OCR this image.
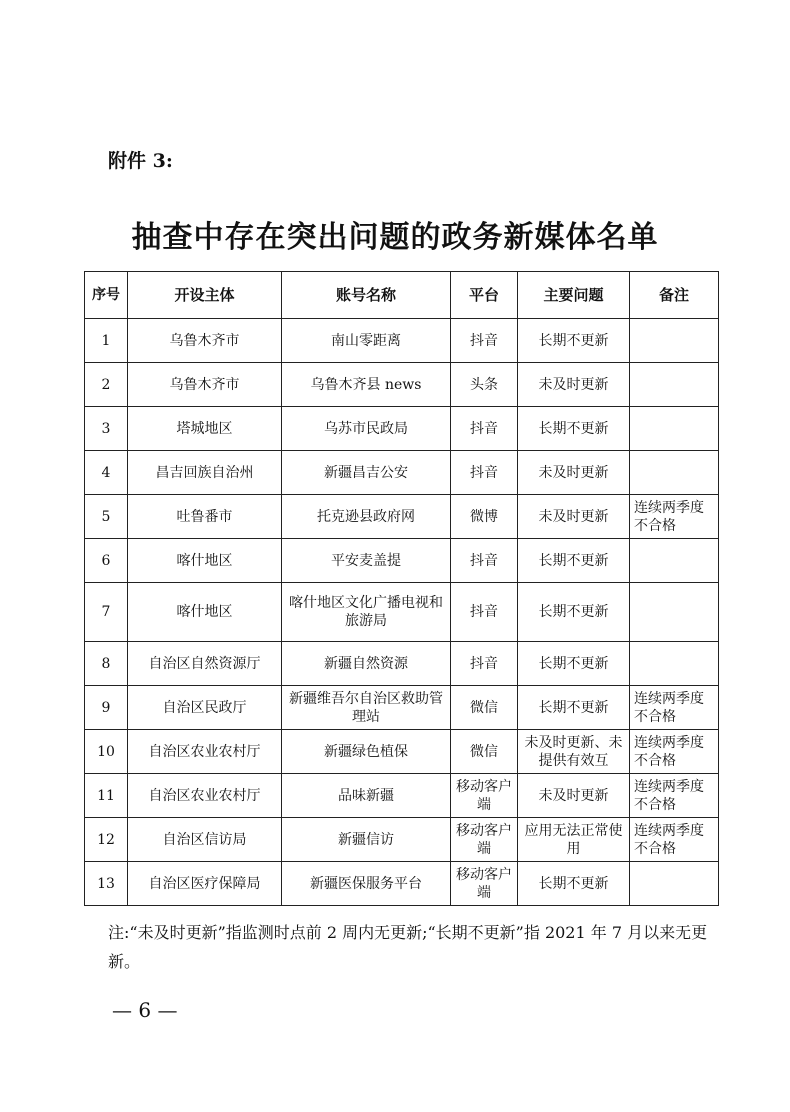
附件 3:
抽查中存在突出问题的政务新媒体名单
序号	开设主体	账号名称	平台	主要问题	备注
1	乌鲁木齐市	南山零距离	抖音	长期不更新	
2	乌鲁木齐市	乌鲁木齐县 news	头条	未及时更新	
3	塔城地区	乌苏市民政局	抖音	长期不更新	
4	昌吉回族自治州	新疆昌吉公安	抖音	未及时更新	
5	吐鲁番市	托克逊县政府网	微博	未及时更新	连续两季度不合格
6	喀什地区	平安麦盖提	抖音	长期不更新	
7	喀什地区	喀什地区文化广播电视和旅游局	抖音	长期不更新	
8	自治区自然资源厅	新疆自然资源	抖音	长期不更新	
9	自治区民政厅	新疆维吾尔自治区救助管理站	微信	长期不更新	连续两季度不合格
10	自治区农业农村厅	新疆绿色植保	微信	未及时更新、未提供有效互	连续两季度不合格
11	自治区农业农村厅	品味新疆	移动客户端	未及时更新	连续两季度不合格
12	自治区信访局	新疆信访	移动客户端	应用无法正常使用	连续两季度不合格
13	自治区医疗保障局	新疆医保服务平台	移动客户端	长期不更新	
注:“未及时更新”指监测时点前 2 周内无更新;“长期不更新”指 2021 年 7 月以来无更新。
— 6 —
